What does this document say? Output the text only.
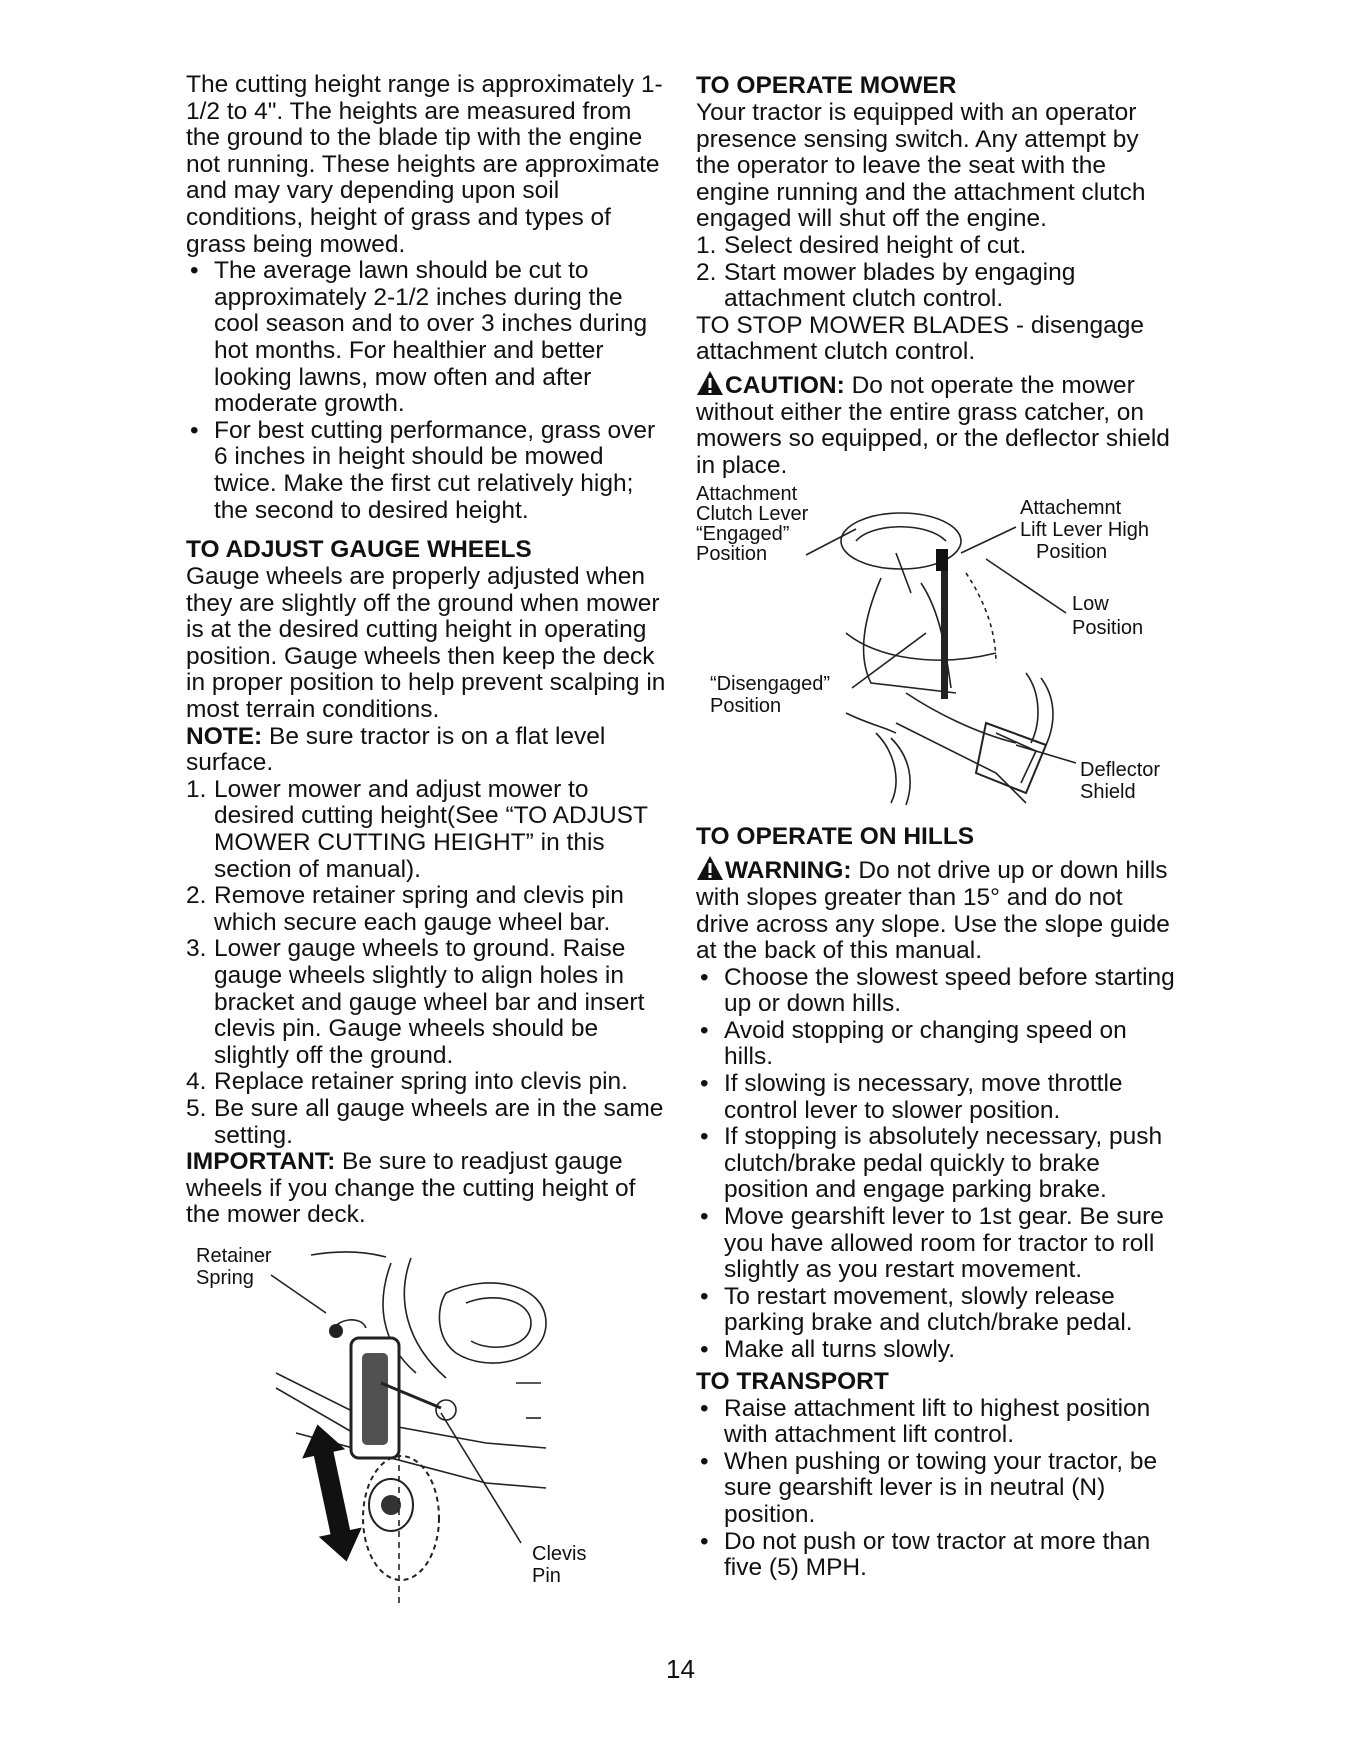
The cutting height range is approximately 1-1/2 to 4". The heights are measured from the ground to the blade tip with the engine not running. These heights are approximate and may vary depending upon soil conditions, height of grass and types of grass being mowed.

• The average lawn should be cut to approximately 2-1/2 inches during the cool season and to over 3 inches during hot months. For healthier and better looking lawns, mow often and after moderate growth.
• For best cutting performance, grass over 6 inches in height should be mowed twice. Make the first cut relatively high; the second to desired height.
TO ADJUST GAUGE WHEELS

Gauge wheels are properly adjusted when they are slightly off the ground when mower is at the desired cutting height in operating position. Gauge wheels then keep the deck in proper position to help prevent scalping in most terrain conditions.

NOTE: Be sure tractor is on a flat level surface.

1. Lower mower and adjust mower to desired cutting height(See “TO ADJUST MOWER CUTTING HEIGHT” in this section of manual).
2. Remove retainer spring and clevis pin which secure each gauge wheel bar.
3. Lower gauge wheels to ground. Raise gauge wheels slightly to align holes in bracket and gauge wheel bar and insert clevis pin. Gauge wheels should be slightly off the ground.
4. Replace retainer spring into clevis pin.
5. Be sure all gauge wheels are in the same setting.

IMPORTANT: Be sure to readjust gauge wheels if you change the cutting height of the mower deck.

Retainer
Spring
Clevis
Pin
TO OPERATE MOWER

Your tractor is equipped with an operator presence sensing switch. Any attempt by the operator to leave the seat with the engine running and the attachment clutch engaged will shut off the engine.

1. Select desired height of cut.
2. Start mower blades by engaging attachment clutch control.

TO STOP MOWER BLADES - disengage attachment clutch control.

CAUTION: Do not operate the mower without either the entire grass catcher, on mowers so equipped, or the deflector shield in place.

Attachment
Clutch Lever
“Engaged”
Position
Attachemnt
Lift Lever High
Position
Low
Position
“Disengaged”
Position
Deflector
Shield
TO OPERATE ON HILLS

WARNING: Do not drive up or down hills with slopes greater than 15° and do not drive across any slope. Use the slope guide at the back of this manual.

• Choose the slowest speed before starting up or down hills.
• Avoid stopping or changing speed on hills.
• If slowing is necessary, move throttle control lever to slower position.
• If stopping is absolutely necessary, push clutch/brake pedal quickly to brake position and engage parking brake.
• Move gearshift lever to 1st gear. Be sure you have allowed room for tractor to roll slightly as you restart movement.
• To restart movement, slowly release parking brake and clutch/brake pedal.
• Make all turns slowly.
TO TRANSPORT
• Raise attachment lift to highest position with attachment lift control.
• When pushing or towing your tractor, be sure gearshift lever is in neutral (N) position.
• Do not push or tow tractor at more than five (5) MPH.
14
